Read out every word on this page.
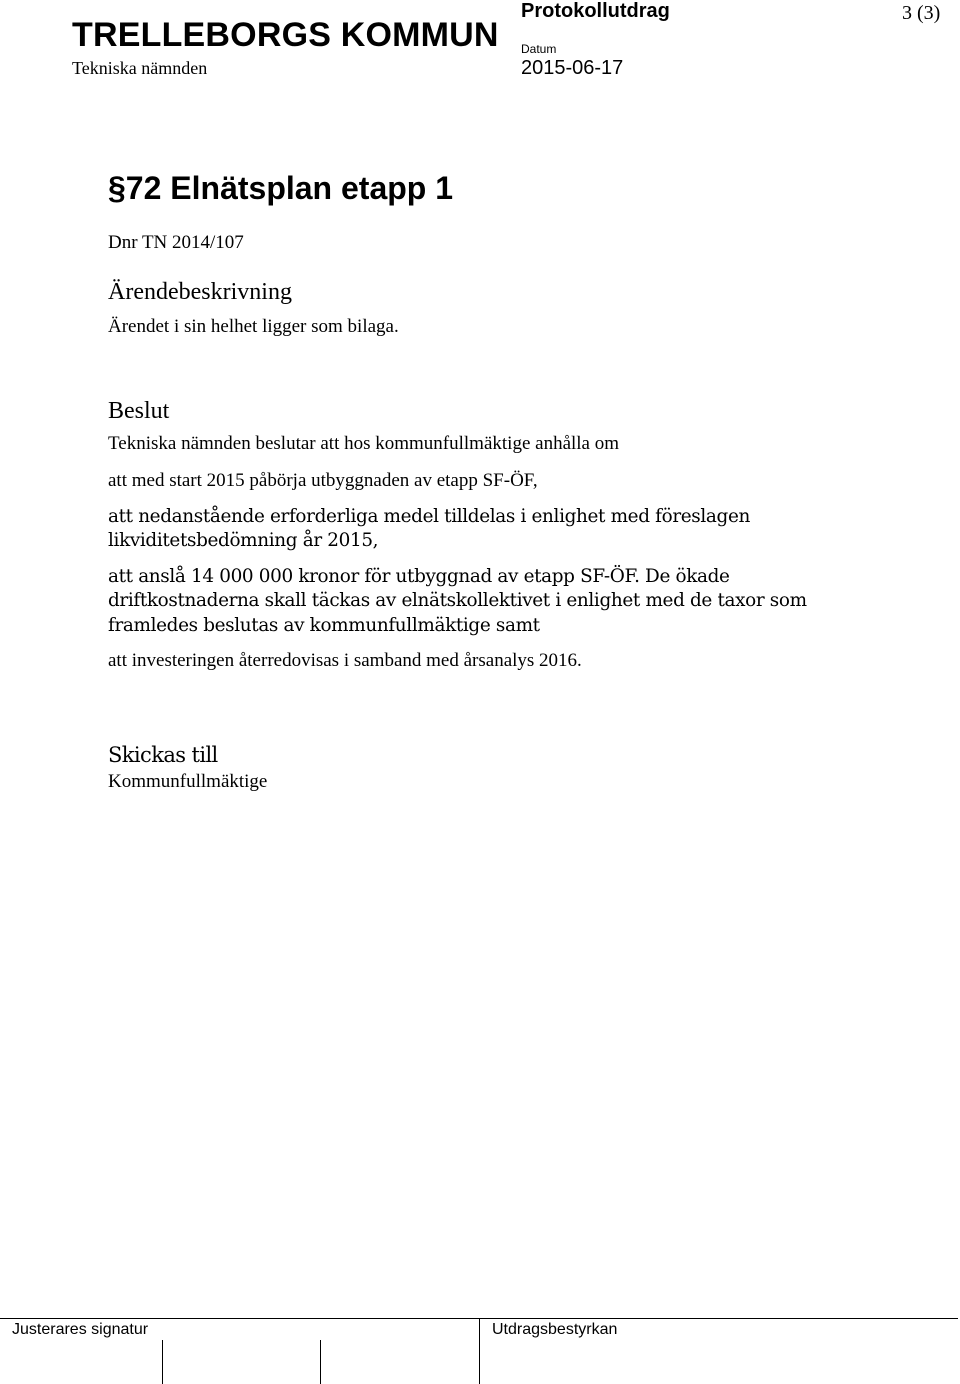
TRELLEBORGS KOMMUN
Tekniska nämnden
Protokollutdrag
Datum
2015-06-17
3 (3)
§72 Elnätsplan etapp 1
Dnr TN 2014/107
Ärendebeskrivning
Ärendet i sin helhet ligger som bilaga.
Beslut
Tekniska nämnden beslutar att hos kommunfullmäktige anhålla om
att med start 2015 påbörja utbyggnaden av etapp SF-ÖF,
att nedanstående erforderliga medel tilldelas i enlighet med föreslagen
likviditetsbedömning år 2015,
att anslå 14 000 000 kronor för utbyggnad av etapp SF-ÖF. De ökade
driftkostnaderna skall täckas av elnätskollektivet i enlighet med de taxor som
framledes beslutas av kommunfullmäktige samt
att investeringen återredovisas i samband med årsanalys 2016.
Skickas till
Kommunfullmäktige
Justerares signatur	Utdragsbestyrkan
